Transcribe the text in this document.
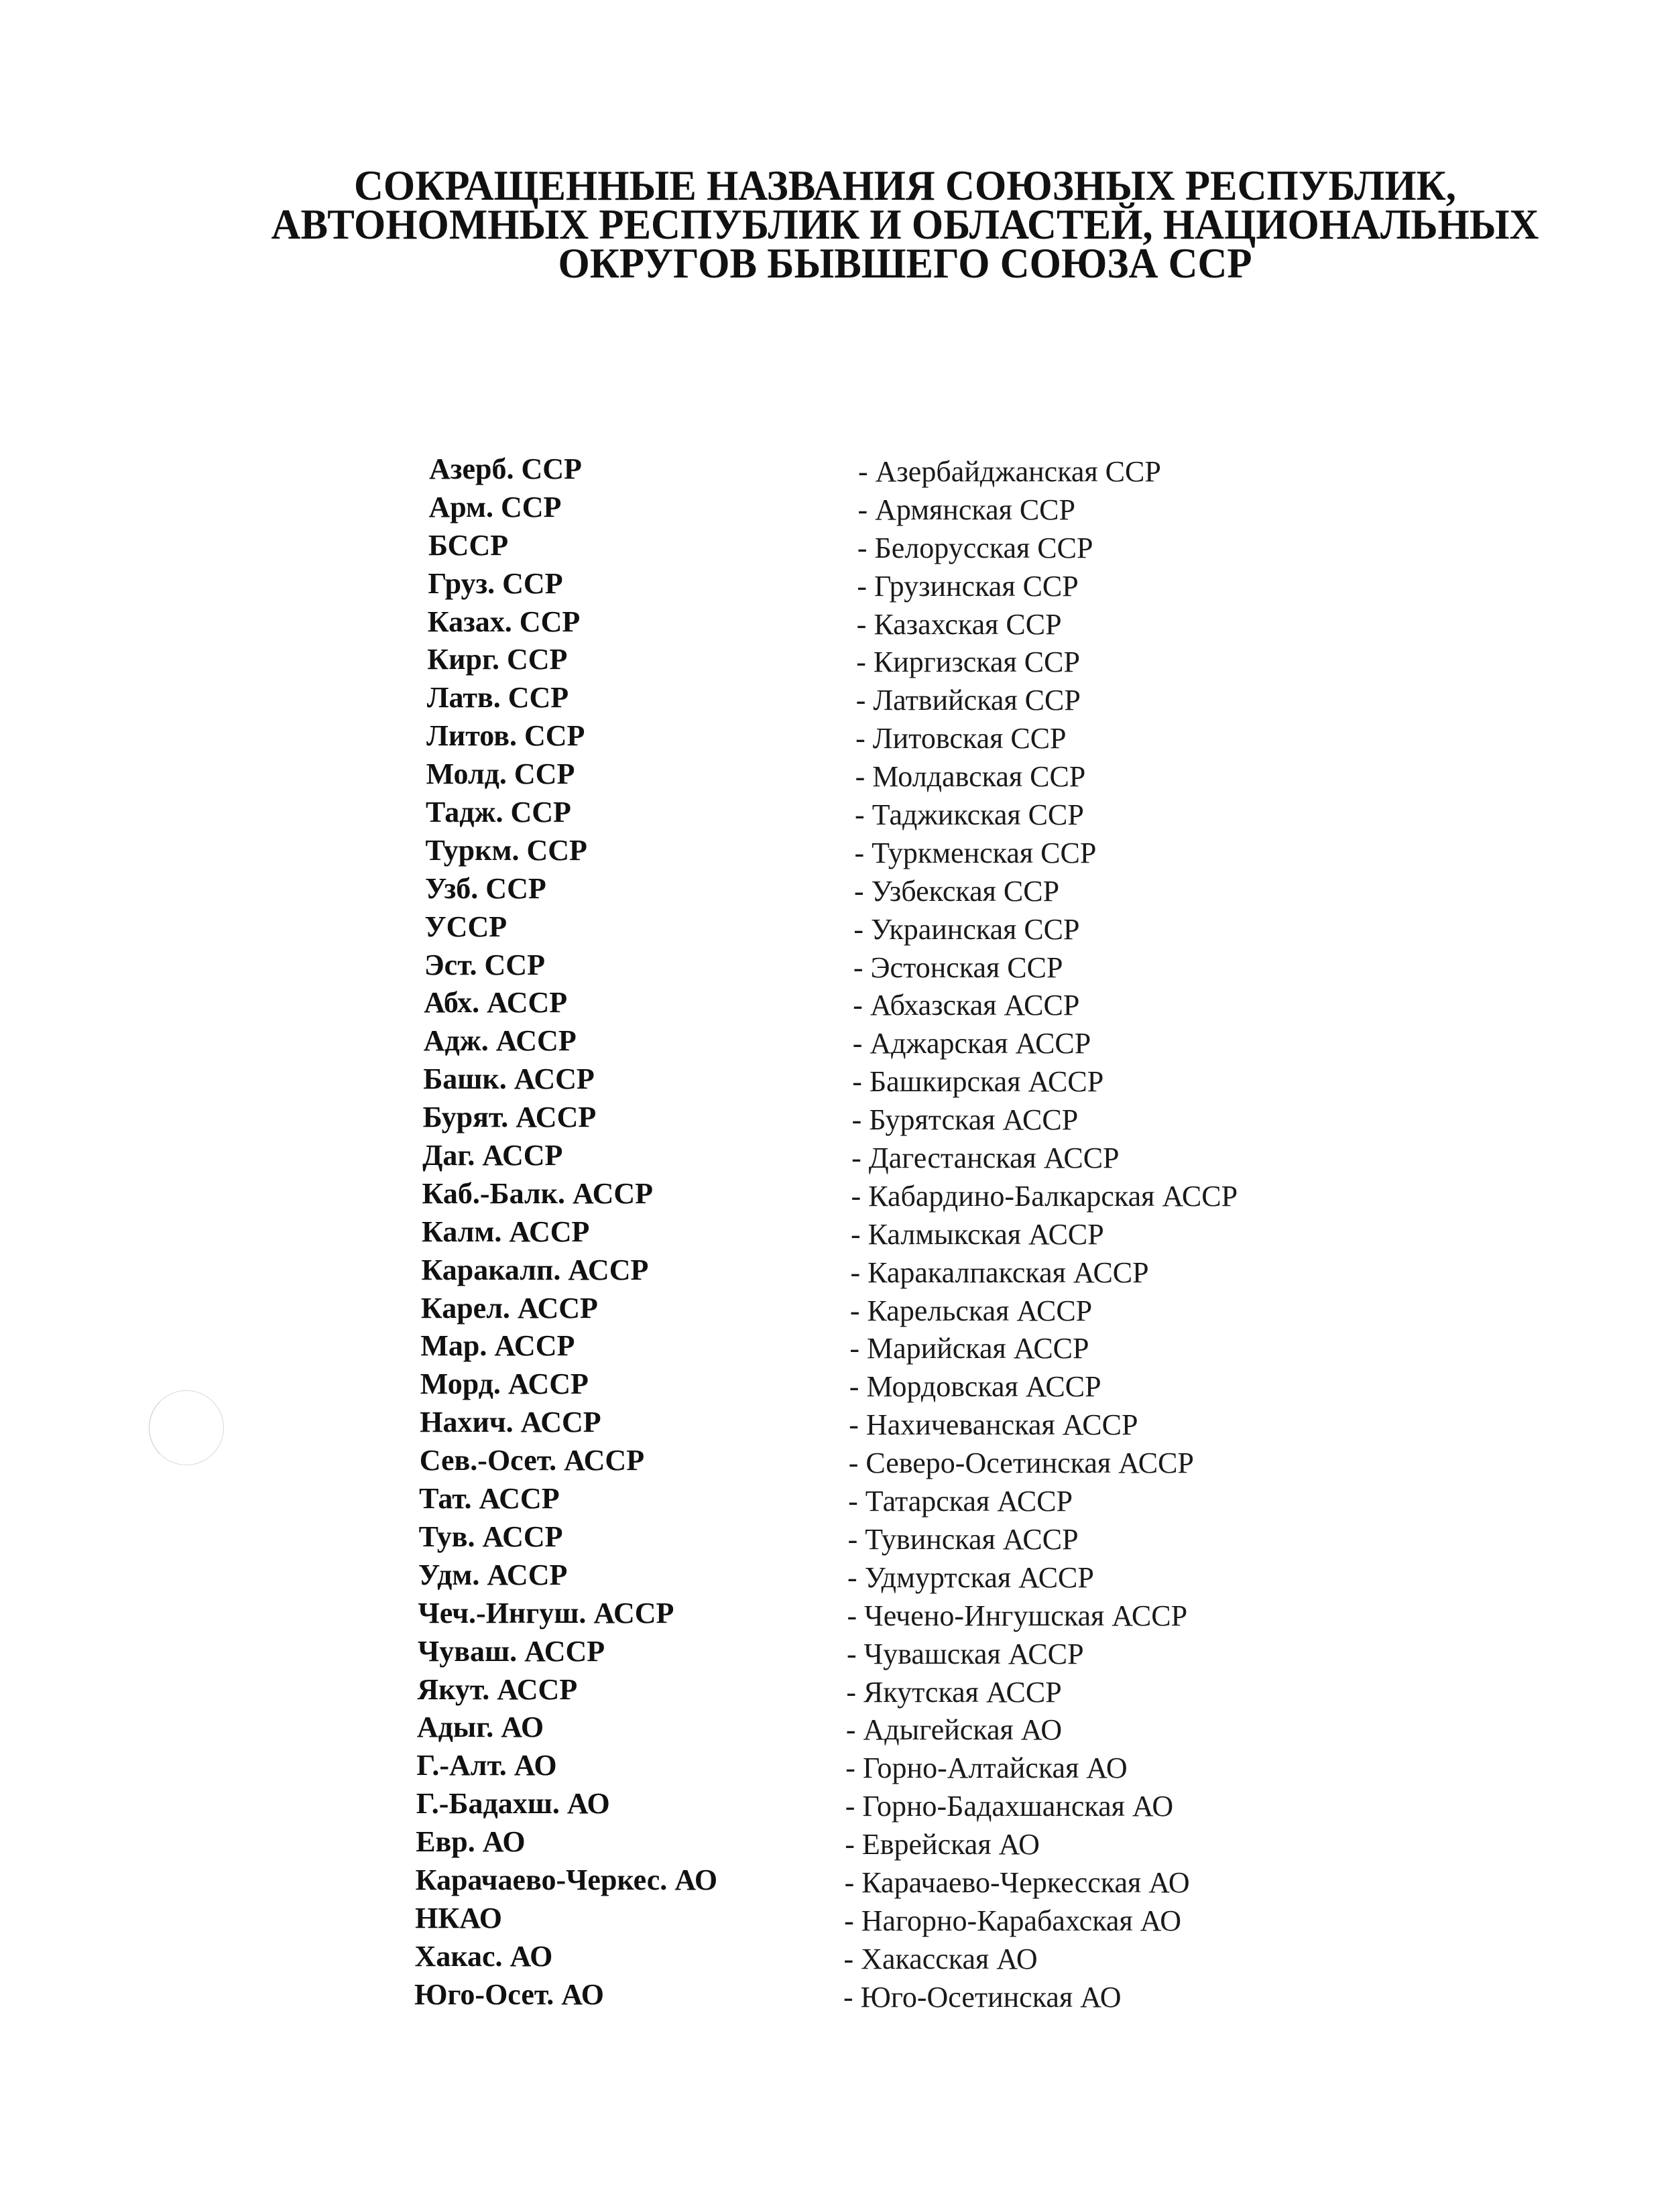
СОКРАЩЕННЫЕ НАЗВАНИЯ СОЮЗНЫХ РЕСПУБЛИК,
АВТОНОМНЫХ РЕСПУБЛИК И ОБЛАСТЕЙ, НАЦИОНАЛЬНЫХ
ОКРУГОВ БЫВШЕГО СОЮЗА ССР
Азерб. ССР	- Азербайджанская ССР
Арм. ССР	- Армянская ССР
БССР	- Белорусская ССР
Груз. ССР	- Грузинская ССР
Казах. ССР	- Казахская ССР
Кирг. ССР	- Киргизская ССР
Латв. ССР	- Латвийская ССР
Литов. ССР	- Литовская ССР
Молд. ССР	- Молдавская ССР
Тадж. ССР	- Таджикская ССР
Туркм. ССР	- Туркменская ССР
Узб. ССР	- Узбекская ССР
УССР	- Украинская ССР
Эст. ССР	- Эстонская ССР
Абх. АССР	- Абхазская АССР
Адж. АССР	- Аджарская АССР
Башк. АССР	- Башкирская АССР
Бурят. АССР	- Бурятская АССР
Даг. АССР	- Дагестанская АССР
Каб.-Балк. АССР	- Кабардино-Балкарская АССР
Калм. АССР	- Калмыкская АССР
Каракалп. АССР	- Каракалпакская АССР
Карел. АССР	- Карельская АССР
Мар. АССР	- Марийская АССР
Морд. АССР	- Мордовская АССР
Нахич. АССР	- Нахичеванская АССР
Сев.-Осет. АССР	- Северо-Осетинская АССР
Тат. АССР	- Татарская АССР
Тув. АССР	- Тувинская АССР
Удм. АССР	- Удмуртская АССР
Чеч.-Ингуш. АССР	- Чечено-Ингушская АССР
Чуваш. АССР	- Чувашская АССР
Якут. АССР	- Якутская АССР
Адыг. АО	- Адыгейская АО
Г.-Алт. АО	- Горно-Алтайская АО
Г.-Бадахш. АО	- Горно-Бадахшанская АО
Евр. АО	- Еврейская АО
Карачаево-Черкес. АО	- Карачаево-Черкесская АО
НКАО	- Нагорно-Карабахская АО
Хакас. АО	- Хакасская АО
Юго-Осет. АО	- Юго-Осетинская АО
